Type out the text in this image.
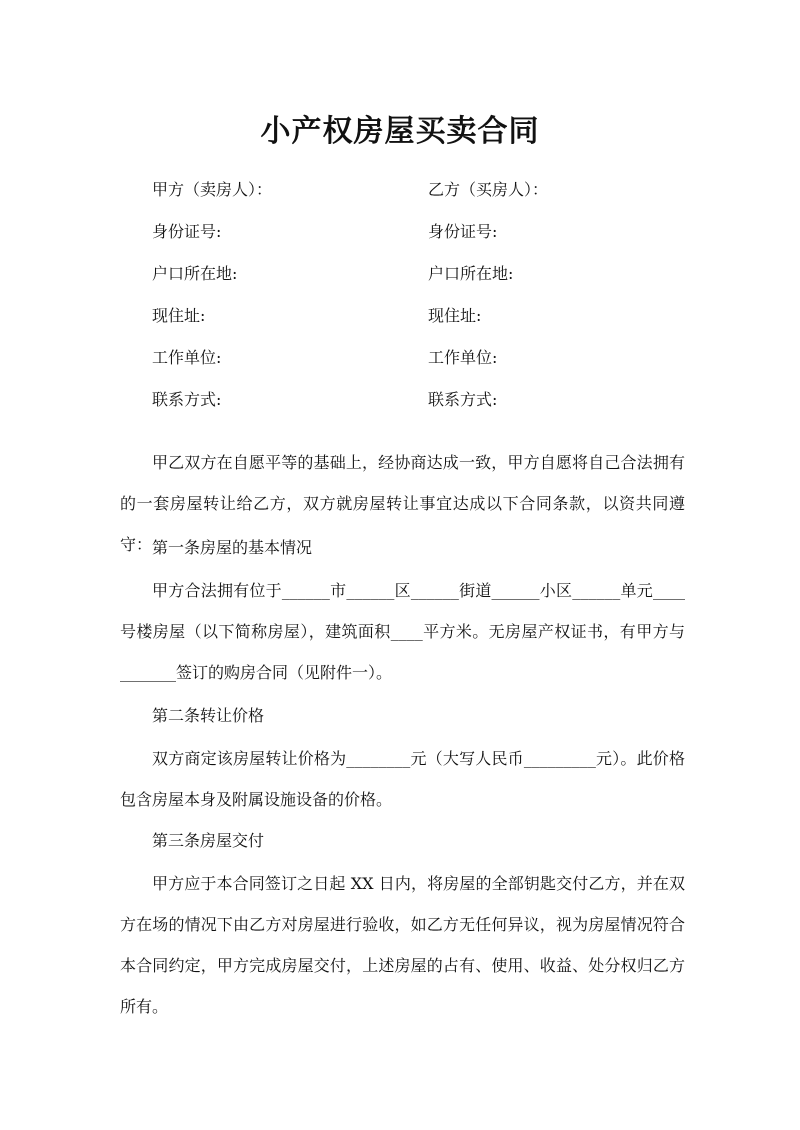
小产权房屋买卖合同
甲方（卖房人）：	乙方（买房人）：
身份证号:	身份证号:
户口所在地:	户口所在地:
现住址:	现住址:
工作单位:	工作单位:
联系方式:	联系方式:

甲乙双方在自愿平等的基础上，经协商达成一致，甲方自愿将自己合法拥有的一套房屋转让给乙方，双方就房屋转让事宜达成以下合同条款，以资共同遵守： 第一条房屋的基本情况

甲方合法拥有位于______市______区______街道______小区______单元____号楼房屋（以下简称房屋），建筑面积____平方米。无房屋产权证书，有甲方与_______签订的购房合同（见附件一）。

第二条转让价格

双方商定该房屋转让价格为________元（大写人民币_________元）。此价格包含房屋本身及附属设施设备的价格。

第三条房屋交付

甲方应于本合同签订之日起 XX 日内，将房屋的全部钥匙交付乙方，并在双方在场的情况下由乙方对房屋进行验收，如乙方无任何异议，视为房屋情况符合本合同约定，甲方完成房屋交付，上述房屋的占有、使用、收益、处分权归乙方所有。
